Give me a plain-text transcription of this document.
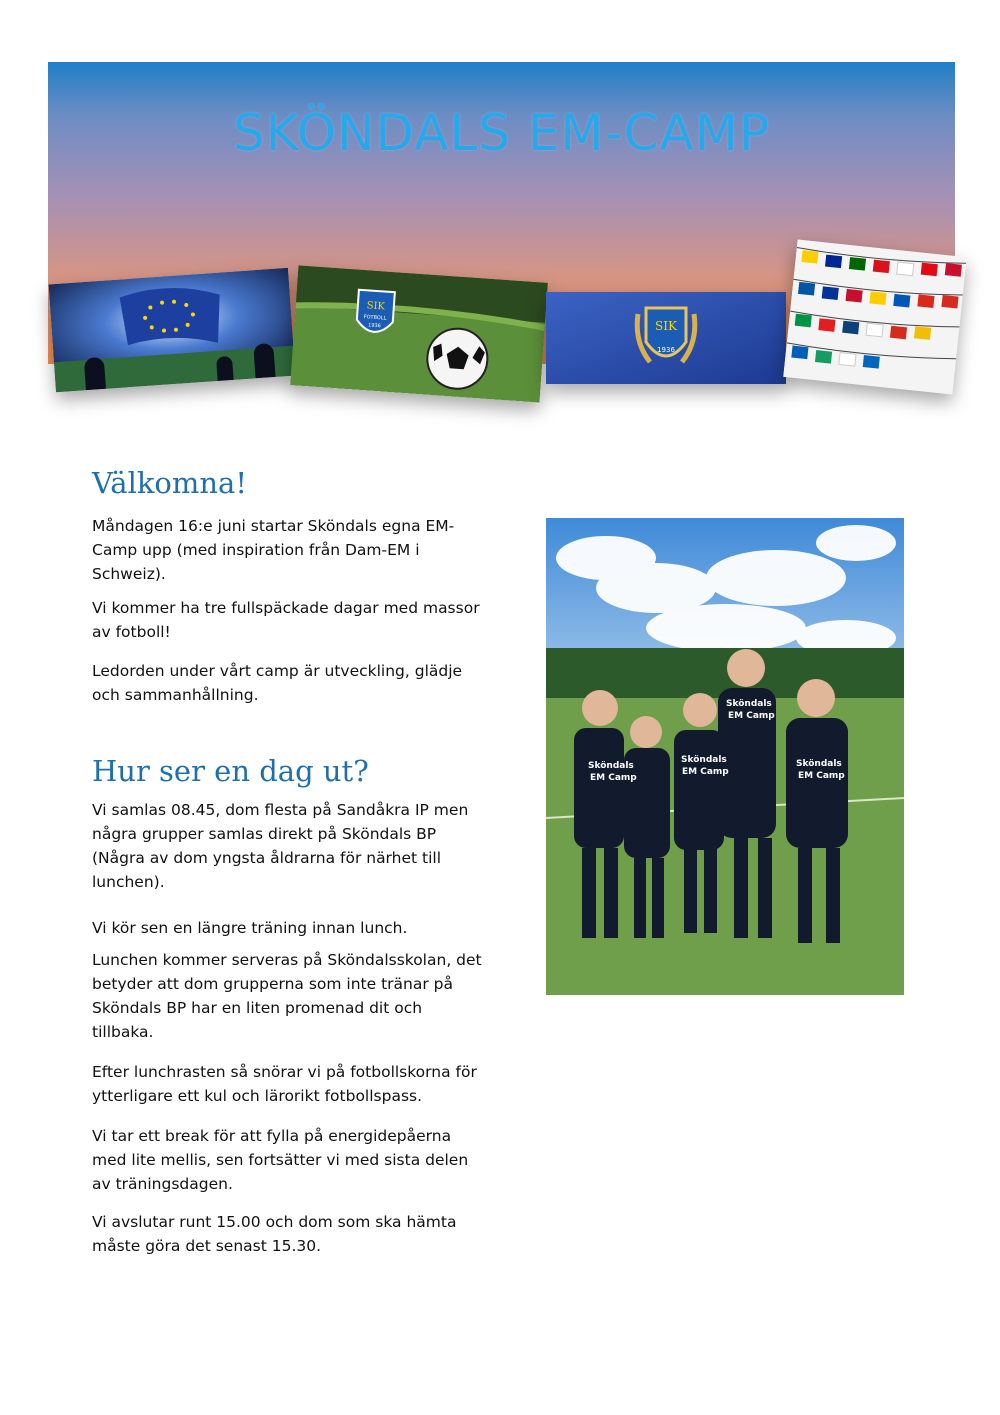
SKÖNDALS EM-CAMP
SIK
FOTBOLL
1936	SIK
1936
Välkomna!

Måndagen 16:e juni startar Sköndals egna EM-Camp upp (med inspiration från Dam-EM i Schweiz).

Vi kommer ha tre fullspäckade dagar med massor av fotboll!

Ledorden under vårt camp är utveckling, glädje och sammanhållning.

Hur ser en dag ut?

Vi samlas 08.45, dom flesta på Sandåkra IP men några grupper samlas direkt på Sköndals BP (Några av dom yngsta åldrarna för närhet till lunchen).

Vi kör sen en längre träning innan lunch.

Lunchen kommer serveras på Sköndalsskolan, det betyder att dom grupperna som inte tränar på Sköndals BP har en liten promenad dit och tillbaka.

Efter lunchrasten så snörar vi på fotbollskorna för ytterligare ett kul och lärorikt fotbollspass.

Vi tar ett break för att fylla på energidepåerna med lite mellis, sen fortsätter vi med sista delen av träningsdagen.

Vi avslutar runt 15.00 och dom som ska hämta måste göra det senast 15.30.

Sköndals
EM Camp
Sköndals
EM Camp
Sköndals
EM Camp
Sköndals
EM Camp
